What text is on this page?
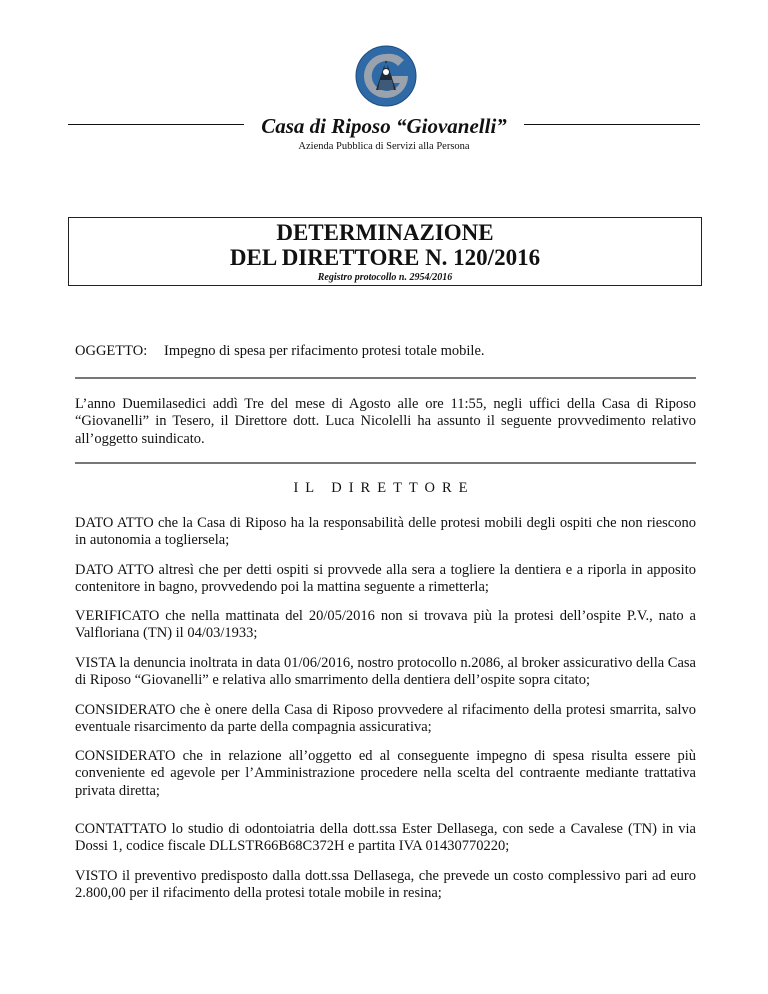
Casa di Riposo “Giovanelli”
Azienda Pubblica di Servizi alla Persona
DETERMINAZIONE
DEL DIRETTORE N. 120/2016
Registro protocollo n. 2954/2016
OGGETTO: Impegno di spesa per rifacimento protesi totale mobile.
L’anno Duemilasedici addì Tre del mese di Agosto alle ore 11:55, negli uffici della Casa di Riposo “Giovanelli” in Tesero, il Direttore dott. Luca Nicolelli ha assunto il seguente provvedimento relativo all’oggetto suindicato.
IL DIRETTORE
DATO ATTO che la Casa di Riposo ha la responsabilità delle protesi mobili degli ospiti che non riescono in autonomia a togliersela;
DATO ATTO altresì che per detti ospiti si provvede alla sera a togliere la dentiera e a riporla in apposito contenitore in bagno, provvedendo poi la mattina seguente a rimetterla;
VERIFICATO che nella mattinata del 20/05/2016 non si trovava più la protesi dell’ospite P.V., nato a Valfloriana (TN) il 04/03/1933;
VISTA la denuncia inoltrata in data 01/06/2016, nostro protocollo n.2086, al broker assicurativo della Casa di Riposo “Giovanelli” e relativa allo smarrimento della dentiera dell’ospite sopra citato;
CONSIDERATO che è onere della Casa di Riposo provvedere al rifacimento della protesi smarrita, salvo eventuale risarcimento da parte della compagnia assicurativa;
CONSIDERATO che in relazione all’oggetto ed al conseguente impegno di spesa risulta essere più conveniente ed agevole per l’Amministrazione procedere nella scelta del contraente mediante trattativa privata diretta;
CONTATTATO lo studio di odontoiatria della dott.ssa Ester Dellasega, con sede a Cavalese (TN) in via Dossi 1, codice fiscale DLLSTR66B68C372H e partita IVA 01430770220;
VISTO il preventivo predisposto dalla dott.ssa Dellasega, che prevede un costo complessivo pari ad euro 2.800,00 per il rifacimento della protesi totale mobile in resina;
